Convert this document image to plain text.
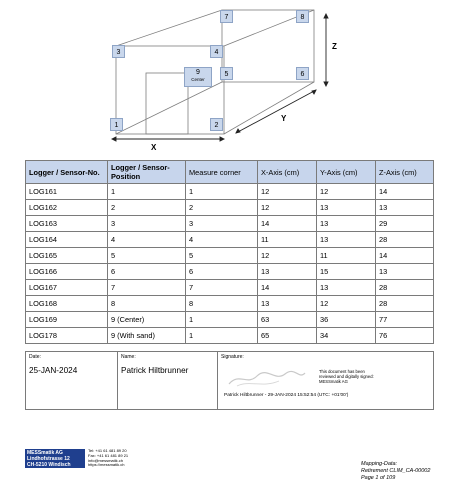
X
Y
Z
1	2
3	4
5	6
7	8
9
Center
Logger / Sensor-No.	Logger / Sensor-Position	Measure corner	X-Axis (cm)	Y-Axis (cm)	Z-Axis (cm)
LOG161	1	1	12	12	14
LOG162	2	2	12	13	13
LOG163	3	3	14	13	29
LOG164	4	4	11	13	28
LOG165	5	5	12	11	14
LOG166	6	6	13	15	13
LOG167	7	7	14	13	28
LOG168	8	8	13	12	28
LOG169	9 (Center)	1	63	36	77
LOG178	9 (With sand)	1	65	34	76
Date:
25-JAN-2024

Name:
Patrick Hiltbrunner

Signature:
This document has been
reviewed and digitally signed:
MESSmatik AG
Patrick Hiltbrunner - 29-JAN-2024 15:52:54 (UTC: +01'00')
MESSmatik AG
Lindhofstrasse 12
CH-5210 Windisch
Tel: +41 61 481 89 20
Fax: +41 61 481 89 21
info@messmatik.ch
https://messmatik.ch	Mapping-Data:
Retirement CLIM_CA-00002
Page 1 of 109
